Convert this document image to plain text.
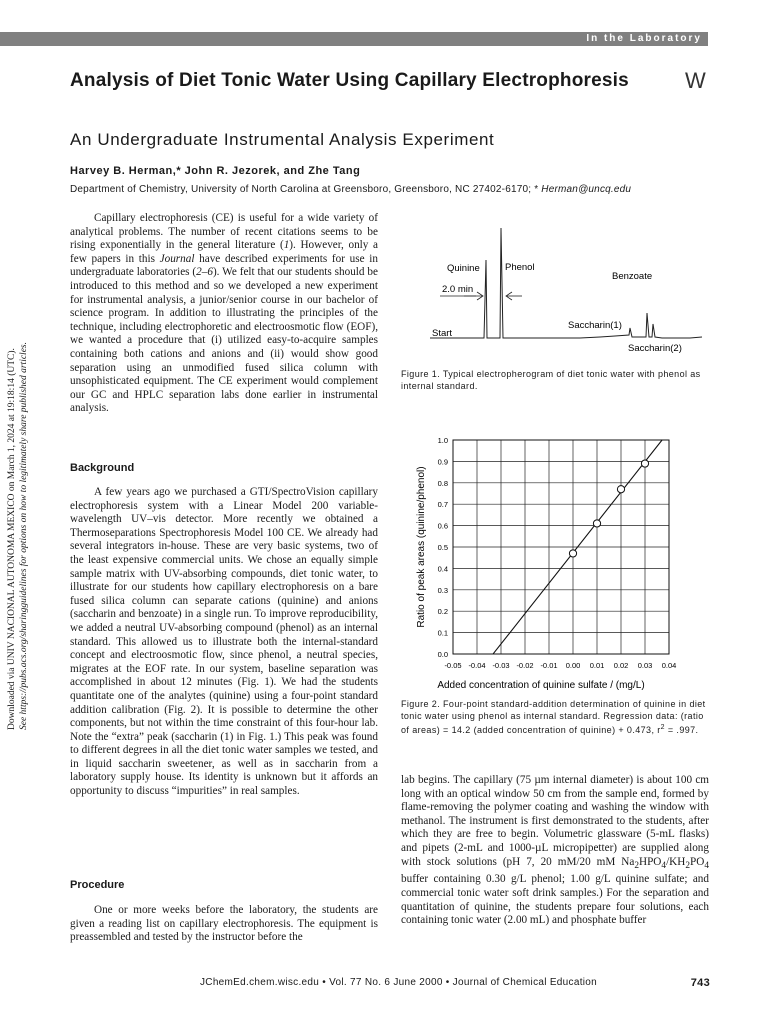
In the Laboratory
Analysis of Diet Tonic Water Using Capillary Electrophoresis	W
An Undergraduate Instrumental Analysis Experiment
Harvey B. Herman,* John R. Jezorek, and Zhe Tang
Department of Chemistry, University of North Carolina at Greensboro, Greensboro, NC 27402-6170; * Herman@uncq.edu
Downloaded via UNIV NACIONAL AUTONOMA MEXICO on March 1, 2024 at 19:18:14 (UTC). See https://pubs.acs.org/sharingguidelines for options on how to legitimately share published articles.

Capillary electrophoresis (CE) is useful for a wide variety of analytical problems. The number of recent citations seems to be rising exponentially in the general literature (1). However, only a few papers in this Journal have described experiments for use in undergraduate laboratories (2–6). We felt that our students should be introduced to this method and so we developed a new experiment for instrumental analysis, a junior/senior course in our bachelor of science program. In addition to illustrating the principles of the technique, including electrophoretic and electroosmotic flow (EOF), we wanted a procedure that (i) utilized easy-to-acquire samples containing both cations and anions and (ii) would show good separation using an unmodified fused silica column with unsophisticated equipment. The CE experiment would complement our GC and HPLC separation labs done earlier in instrumental analysis.

Background

A few years ago we purchased a GTI/SpectroVision capillary electrophoresis system with a Linear Model 200 variable-wavelength UV–vis detector. More recently we obtained a Thermoseparations Spectrophoresis Model 100 CE. We already had several integrators in-house. These are very basic systems, two of the least expensive commercial units. We chose an equally simple sample matrix with UV-absorbing compounds, diet tonic water, to illustrate for our students how capillary electrophoresis on a bare fused silica column can separate cations (quinine) and anions (saccharin and benzoate) in a single run. To improve reproducibility, we added a neutral UV-absorbing compound (phenol) as an internal standard. This allowed us to illustrate both the internal-standard concept and electroosmotic flow, since phenol, a neutral species, migrates at the EOF rate. In our system, baseline separation was accomplished in about 12 minutes (Fig. 1). We had the students quantitate one of the analytes (quinine) using a four-point standard addition calibration (Fig. 2). It is possible to determine the other components, but not within the time constraint of this four-hour lab. Note the “extra” peak (saccharin (1) in Fig. 1.) This peak was found to different degrees in all the diet tonic water samples we tested, and in liquid saccharin sweetener, as well as in saccharin from a laboratory supply house. Its identity is unknown but it affords an opportunity to discuss “impurities” in real samples.

Procedure

One or more weeks before the laboratory, the students are given a reading list on capillary electrophoresis. The equipment is preassembled and tested by the instructor before the

lab begins. The capillary (75 µm internal diameter) is about 100 cm long with an optical window 50 cm from the sample end, formed by flame-removing the polymer coating and washing the window with methanol. The instrument is first demonstrated to the students, after which they are free to begin. Volumetric glassware (5-mL flasks) and pipets (2-mL and 1000-µL micropipetter) are supplied along with stock solutions (pH 7, 20 mM/20 mM $Na_2HPO_4/KH_2PO_4$ buffer containing 0.30 g/L phenol; 1.00 g/L quinine sulfate; and commercial tonic water soft drink samples.) For the separation and quantitation of quinine, the students prepare four solutions, each containing tonic water (2.00 mL) and phosphate buffer

Quinine	Phenol
Benzoate
2.0 min
Start
Saccharin(1)
Saccharin(2)
Figure 1. Typical electropherogram of diet tonic water with phenol as internal standard.
-0.05 -0.04 -0.03 -0.02 -0.01 0.00 0.01 0.02 0.03 0.04
0.0
0.1
0.2
0.3
0.4
0.5
0.6
0.7
0.8
0.9
1.0
Added concentration of quinine sulfate / (mg/L)
Ratio of peak areas (quinine/phenol)
Figure 2. Four-point standard-addition determination of quinine in diet tonic water using phenol as internal standard. Regression data: (ratio of areas) = 14.2 (added concentration of quinine) + 0.473, $r^2 = .997$.
JChemEd.chem.wisc.edu • Vol. 77 No. 6 June 2000 • Journal of Chemical Education	743
